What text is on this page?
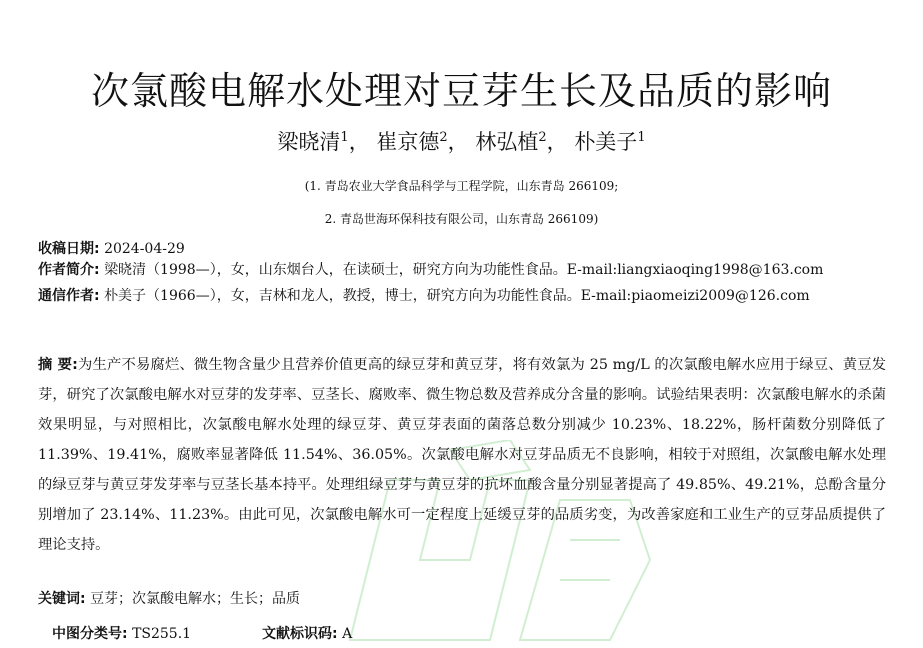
次氯酸电解水处理对豆芽生长及品质的影响
梁晓清$^1$， 崔京德$^2$， 林弘植$^2$， 朴美子$^1$
(1. 青岛农业大学食品科学与工程学院，山东青岛 266109;
2. 青岛世海环保科技有限公司，山东青岛 266109)
收稿日期: 2024-04-29
作者简介: 梁晓清（1998—），女，山东烟台人，在读硕士，研究方向为功能性食品。E-mail:liangxiaoqing1998@163.com
通信作者: 朴美子（1966—），女，吉林和龙人，教授，博士，研究方向为功能性食品。E-mail:piaomeizi2009@126.com
摘 要:为生产不易腐烂、微生物含量少且营养价值更高的绿豆芽和黄豆芽，将有效氯为 25 mg/L 的次氯酸电解水应用于绿豆、黄豆发芽，研究了次氯酸电解水对豆芽的发芽率、豆茎长、腐败率、微生物总数及营养成分含量的影响。试验结果表明：次氯酸电解水的杀菌效果明显，与对照相比，次氯酸电解水处理的绿豆芽、黄豆芽表面的菌落总数分别减少 10.23%、18.22%，肠杆菌数分别降低了 11.39%、19.41%，腐败率显著降低 11.54%、36.05%。次氯酸电解水对豆芽品质无不良影响，相较于对照组，次氯酸电解水处理的绿豆芽与黄豆芽发芽率与豆茎长基本持平。处理组绿豆芽与黄豆芽的抗坏血酸含量分别显著提高了 49.85%、49.21%，总酚含量分别增加了 23.14%、11.23%。由此可见，次氯酸电解水可一定程度上延缓豆芽的品质劣变，为改善家庭和工业生产的豆芽品质提供了理论支持。
关键词: 豆芽；次氯酸电解水；生长；品质
中图分类号: TS255.1	文献标识码: A
